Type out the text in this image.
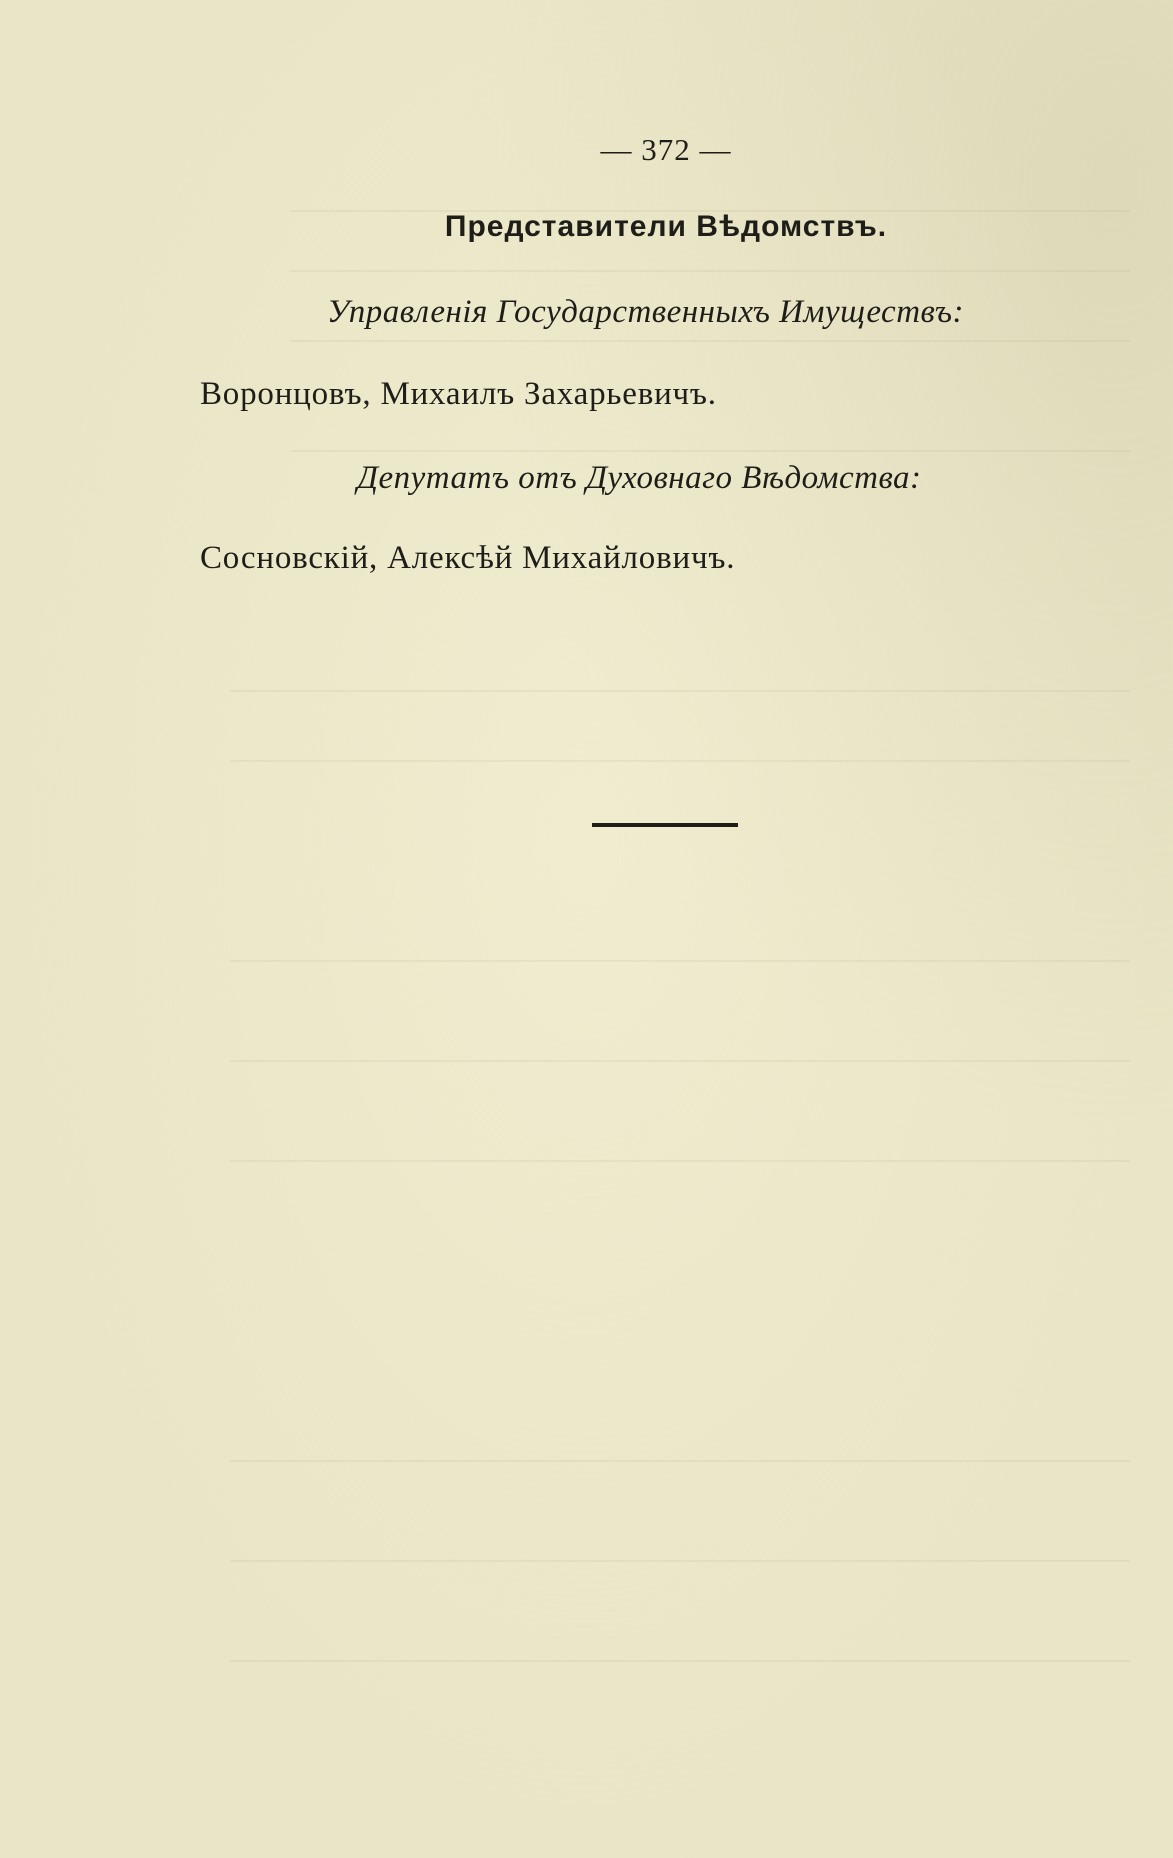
— 372 —
Представители Вѣдомствъ.
Управленія Государственныхъ Имуществъ:
Воронцовъ, Михаилъ Захарьевичъ.
Депутатъ отъ Духовнаго Вѣдомства:
Сосновскій, Алексѣй Михайловичъ.
